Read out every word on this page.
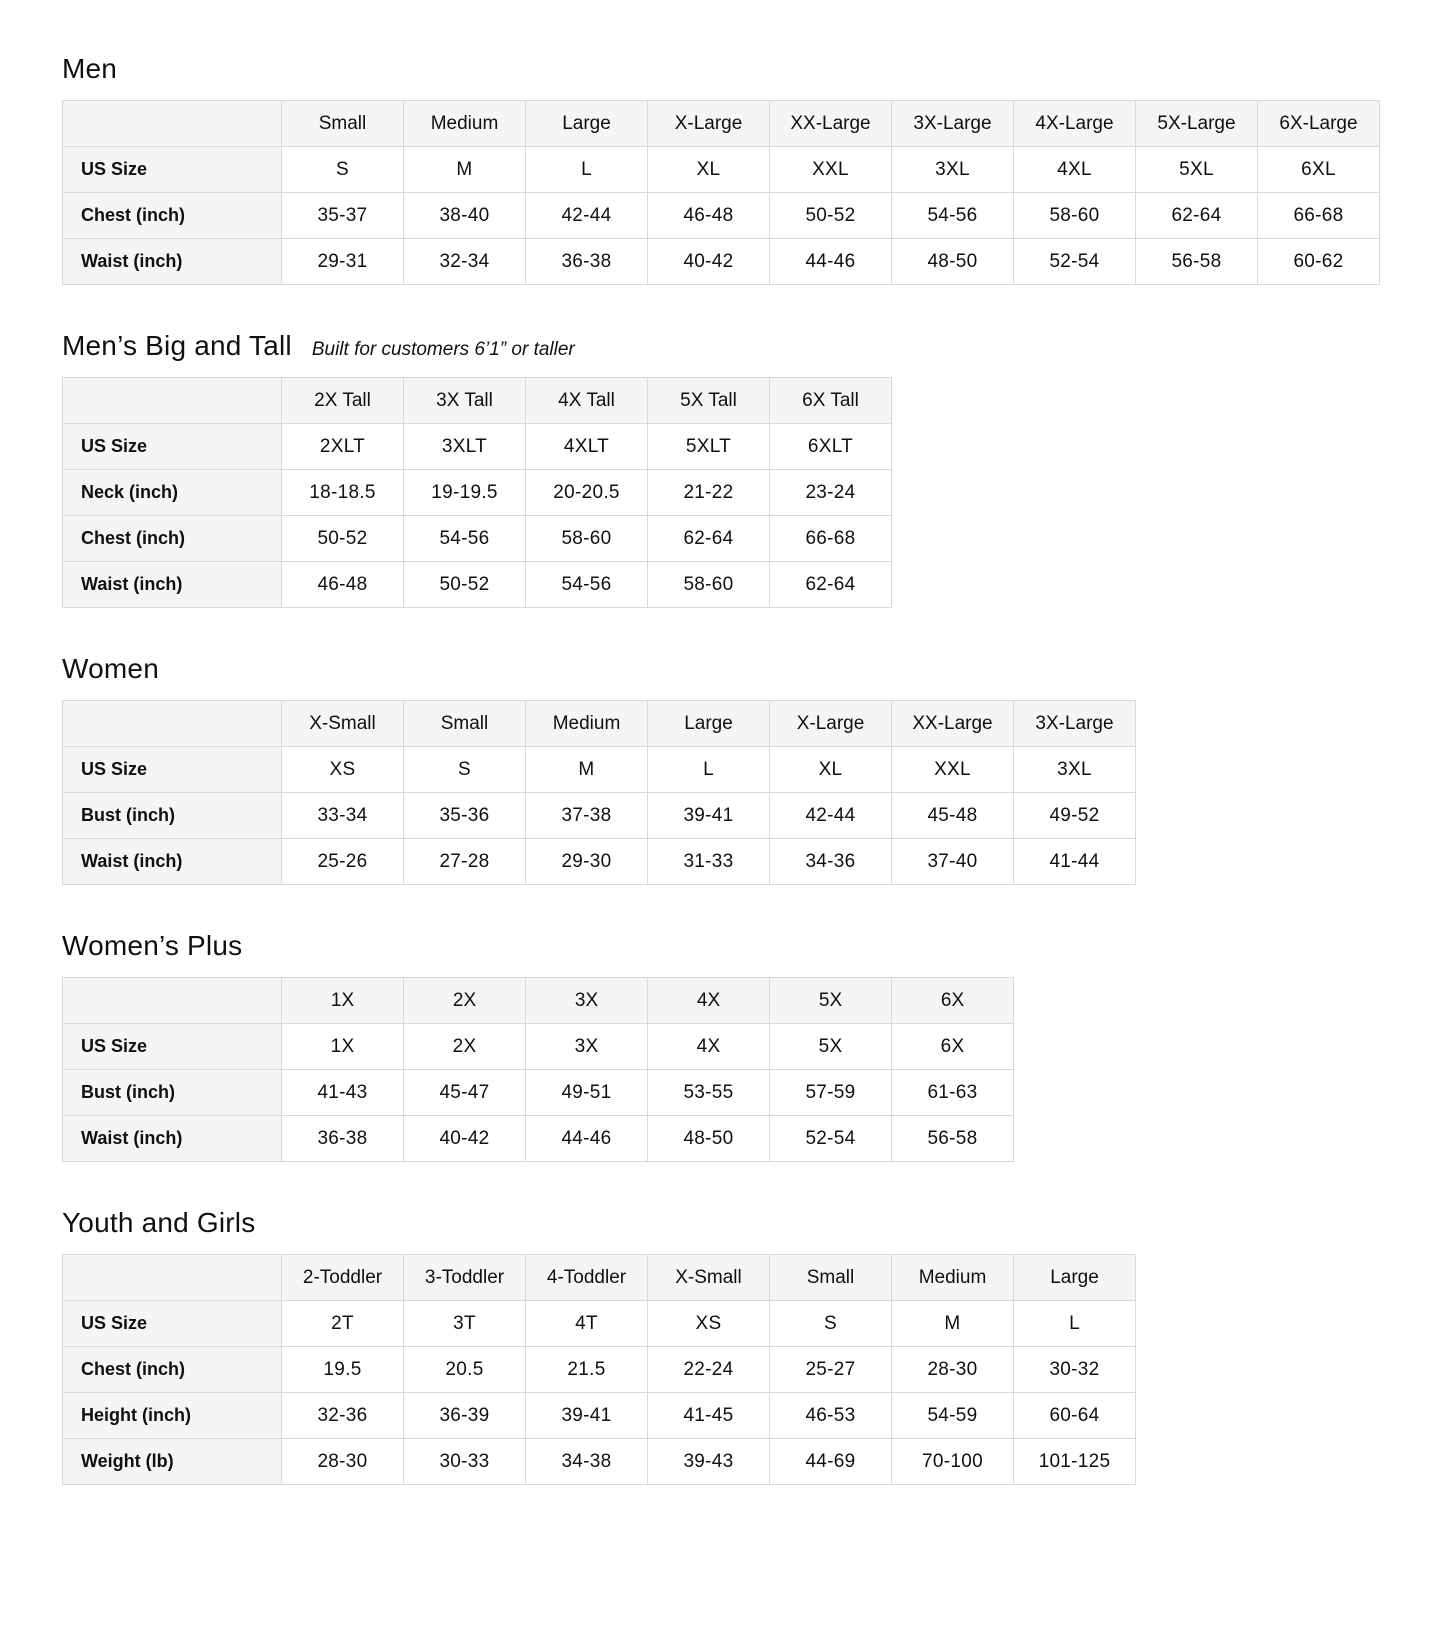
Men
	Small	Medium	Large	X-Large	XX-Large	3X-Large	4X-Large	5X-Large	6X-Large
US Size	S	M	L	XL	XXL	3XL	4XL	5XL	6XL
Chest (inch)	35-37	38-40	42-44	46-48	50-52	54-56	58-60	62-64	66-68
Waist (inch)	29-31	32-34	36-38	40-42	44-46	48-50	52-54	56-58	60-62
Men’s Big and Tall Built for customers 6’1” or taller
	2X Tall	3X Tall	4X Tall	5X Tall	6X Tall
US Size	2XLT	3XLT	4XLT	5XLT	6XLT
Neck (inch)	18-18.5	19-19.5	20-20.5	21-22	23-24
Chest (inch)	50-52	54-56	58-60	62-64	66-68
Waist (inch)	46-48	50-52	54-56	58-60	62-64
Women
	X-Small	Small	Medium	Large	X-Large	XX-Large	3X-Large
US Size	XS	S	M	L	XL	XXL	3XL
Bust (inch)	33-34	35-36	37-38	39-41	42-44	45-48	49-52
Waist (inch)	25-26	27-28	29-30	31-33	34-36	37-40	41-44
Women’s Plus
	1X	2X	3X	4X	5X	6X
US Size	1X	2X	3X	4X	5X	6X
Bust (inch)	41-43	45-47	49-51	53-55	57-59	61-63
Waist (inch)	36-38	40-42	44-46	48-50	52-54	56-58
Youth and Girls
	2-Toddler	3-Toddler	4-Toddler	X-Small	Small	Medium	Large
US Size	2T	3T	4T	XS	S	M	L
Chest (inch)	19.5	20.5	21.5	22-24	25-27	28-30	30-32
Height (inch)	32-36	36-39	39-41	41-45	46-53	54-59	60-64
Weight (lb)	28-30	30-33	34-38	39-43	44-69	70-100	101-125
